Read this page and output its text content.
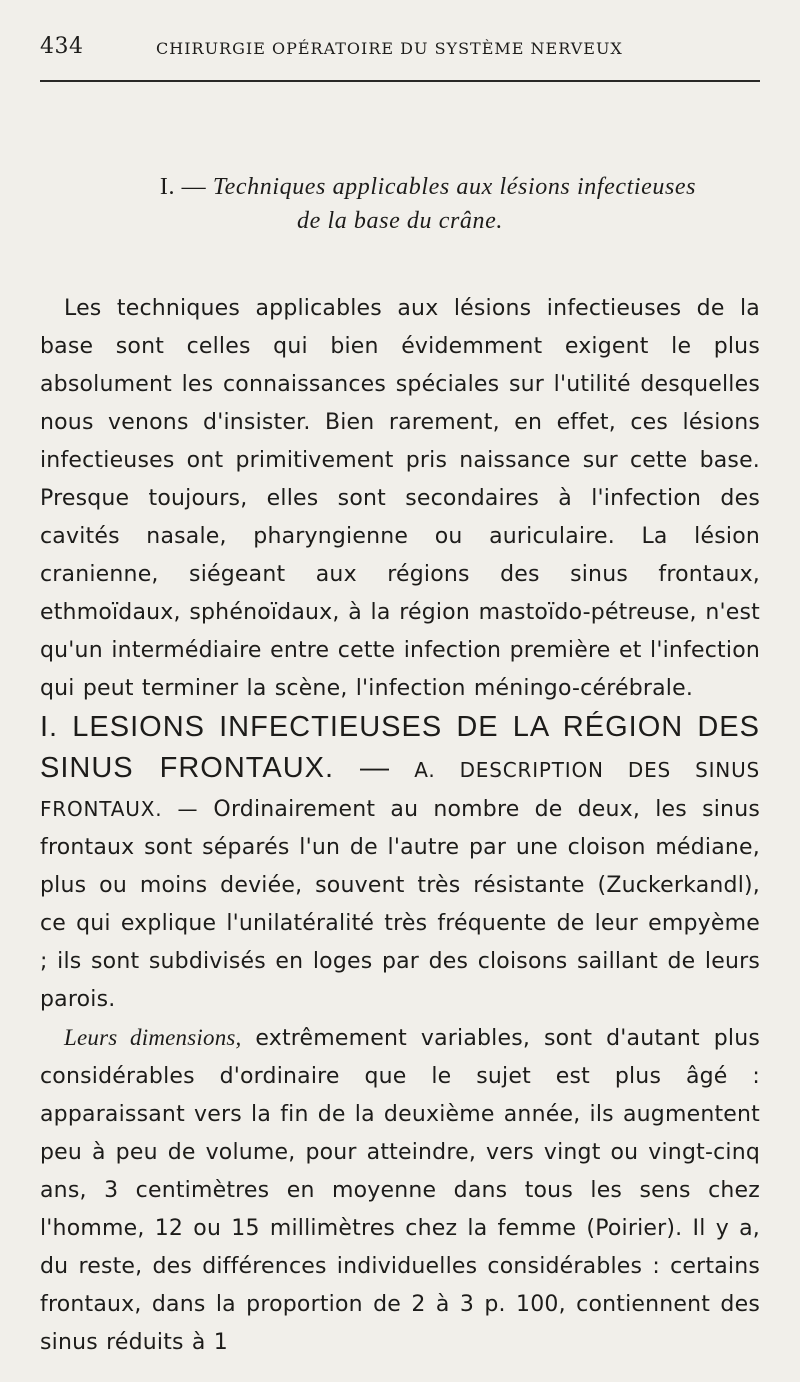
434	CHIRURGIE OPÉRATOIRE DU SYSTÈME NERVEUX
I. — Techniques applicables aux lésions infectieuses
de la base du crâne.

Les techniques applicables aux lésions infectieuses de la base sont celles qui bien évidemment exigent le plus absolument les connaissances spéciales sur l'utilité desquelles nous venons d'insister. Bien rarement, en effet, ces lésions infectieuses ont primitivement pris naissance sur cette base. Presque toujours, elles sont secondaires à l'infection des cavités nasale, pharyngienne ou auriculaire. La lésion cranienne, siégeant aux régions des sinus frontaux, ethmoïdaux, sphénoïdaux, à la région mastoïdo-pétreuse, n'est qu'un intermédiaire entre cette infection première et l'infection qui peut terminer la scène, l'infection méningo-cérébrale.

I. LESIONS INFECTIEUSES DE LA RÉGION DES SINUS FRONTAUX. — A. DESCRIPTION DES SINUS FRONTAUX. — Ordinairement au nombre de deux, les sinus frontaux sont séparés l'un de l'autre par une cloison médiane, plus ou moins deviée, souvent très résistante (Zuckerkandl), ce qui explique l'unilatéralité très fréquente de leur empyème ; ils sont subdivisés en loges par des cloisons saillant de leurs parois.

Leurs dimensions, extrêmement variables, sont d'autant plus considérables d'ordinaire que le sujet est plus âgé : apparaissant vers la fin de la deuxième année, ils augmentent peu à peu de volume, pour atteindre, vers vingt ou vingt-cinq ans, 3 centimètres en moyenne dans tous les sens chez l'homme, 12 ou 15 millimètres chez la femme (Poirier). Il y a, du reste, des différences individuelles considérables : certains frontaux, dans la proportion de 2 à 3 p. 100, contiennent des sinus réduits à 1
